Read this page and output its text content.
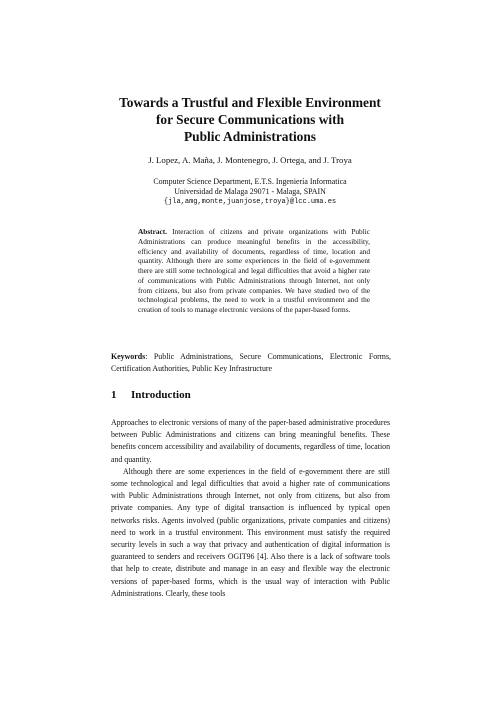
Towards a Trustful and Flexible Environment
for Secure Communications with
Public Administrations
J. Lopez, A. Maña, J. Montenegro, J. Ortega, and J. Troya
Computer Science Department, E.T.S. Ingeniería Informatica
Universidad de Malaga 29071 - Malaga, SPAIN
{jla,amg,monte,juanjose,troya}@lcc.uma.es
Abstract. Interaction of citizens and private organizations with Public Administrations can produce meaningful benefits in the accessibility, efficiency and availability of documents, regardless of time, location and quantity. Although there are some experiences in the field of e-government there are still some technological and legal difficulties that avoid a higher rate of communications with Public Administrations through Internet, not only from citizens, but also from private companies. We have studied two of the technological problems, the need to work in a trustful environment and the creation of tools to manage electronic versions of the paper-based forms.
Keywords: Public Administrations, Secure Communications, Electronic Forms, Certification Authorities, Public Key Infrastructure
1 Introduction

Approaches to electronic versions of many of the paper-based administrative procedures between Public Administrations and citizens can bring meaningful benefits. These benefits concern accessibility and availability of documents, regardless of time, location and quantity.

Although there are some experiences in the field of e-government there are still some technological and legal difficulties that avoid a higher rate of communications with Public Administrations through Internet, not only from citizens, but also from private companies. Any type of digital transaction is influenced by typical open networks risks. Agents involved (public organizations, private companies and citizens) need to work in a trustful environment. This environment must satisfy the required security levels in such a way that privacy and authentication of digital information is guaranteed to senders and receivers OGIT96 [4]. Also there is a lack of software tools that help to create, distribute and manage in an easy and flexible way the electronic versions of paper-based forms, which is the usual way of interaction with Public Administrations. Clearly, these tools
